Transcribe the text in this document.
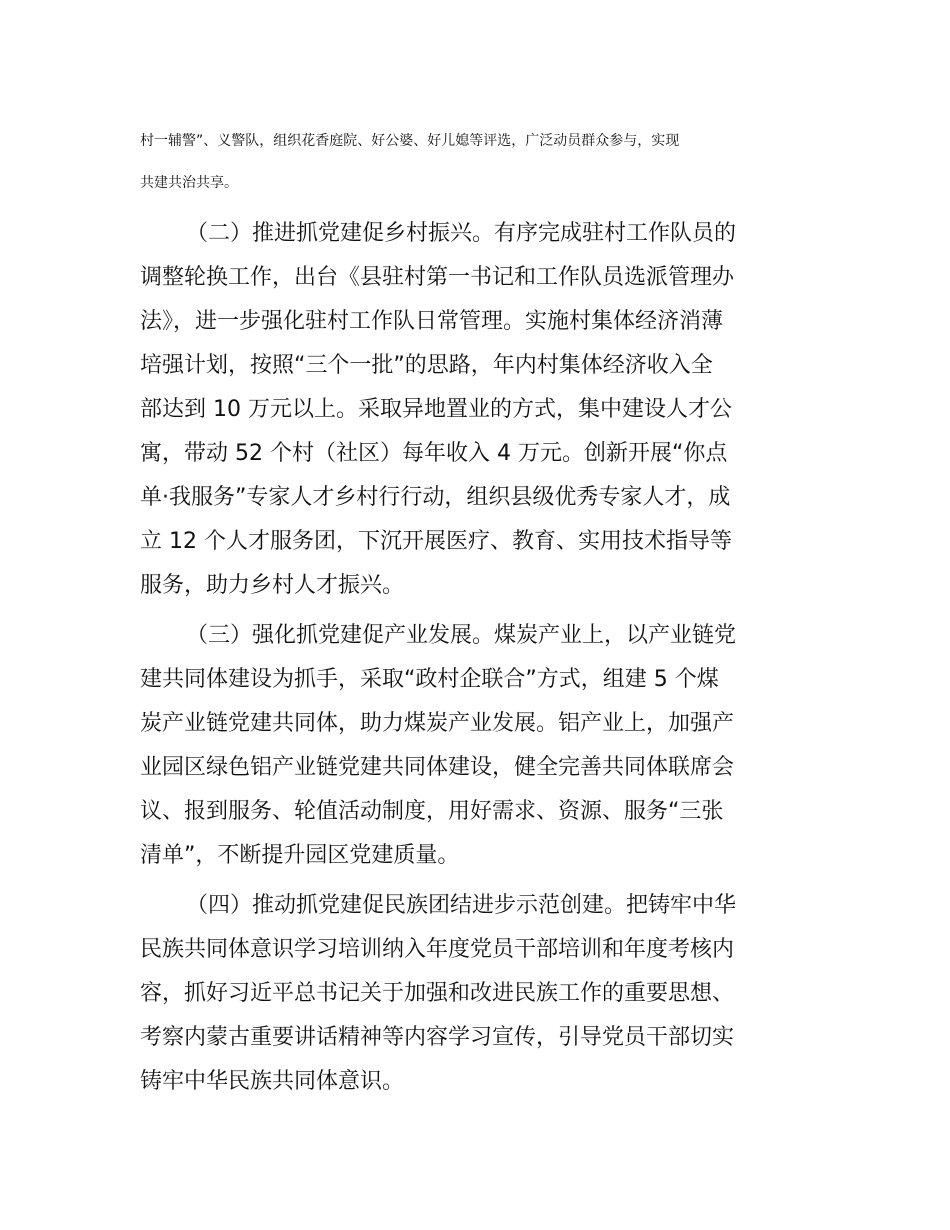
村一辅警”、义警队，组织花香庭院、好公婆、好儿媳等评选，广泛动员群众参与，实现
共建共治共享。
（二）推进抓党建促乡村振兴。有序完成驻村工作队员的
调整轮换工作，出台《县驻村第一书记和工作队员选派管理办
法》，进一步强化驻村工作队日常管理。实施村集体经济消薄
培强计划，按照“三个一批”的思路，年内村集体经济收入全
部达到 10 万元以上。采取异地置业的方式，集中建设人才公
寓，带动 52 个村（社区）每年收入 4 万元。创新开展“你点
单·我服务”专家人才乡村行行动，组织县级优秀专家人才，成
立 12 个人才服务团，下沉开展医疗、教育、实用技术指导等
服务，助力乡村人才振兴。
（三）强化抓党建促产业发展。煤炭产业上，以产业链党
建共同体建设为抓手，采取“政村企联合”方式，组建 5 个煤
炭产业链党建共同体，助力煤炭产业发展。铝产业上，加强产
业园区绿色铝产业链党建共同体建设，健全完善共同体联席会
议、报到服务、轮值活动制度，用好需求、资源、服务“三张
清单”，不断提升园区党建质量。
（四）推动抓党建促民族团结进步示范创建。把铸牢中华
民族共同体意识学习培训纳入年度党员干部培训和年度考核内
容，抓好习近平总书记关于加强和改进民族工作的重要思想、
考察内蒙古重要讲话精神等内容学习宣传，引导党员干部切实
铸牢中华民族共同体意识。
